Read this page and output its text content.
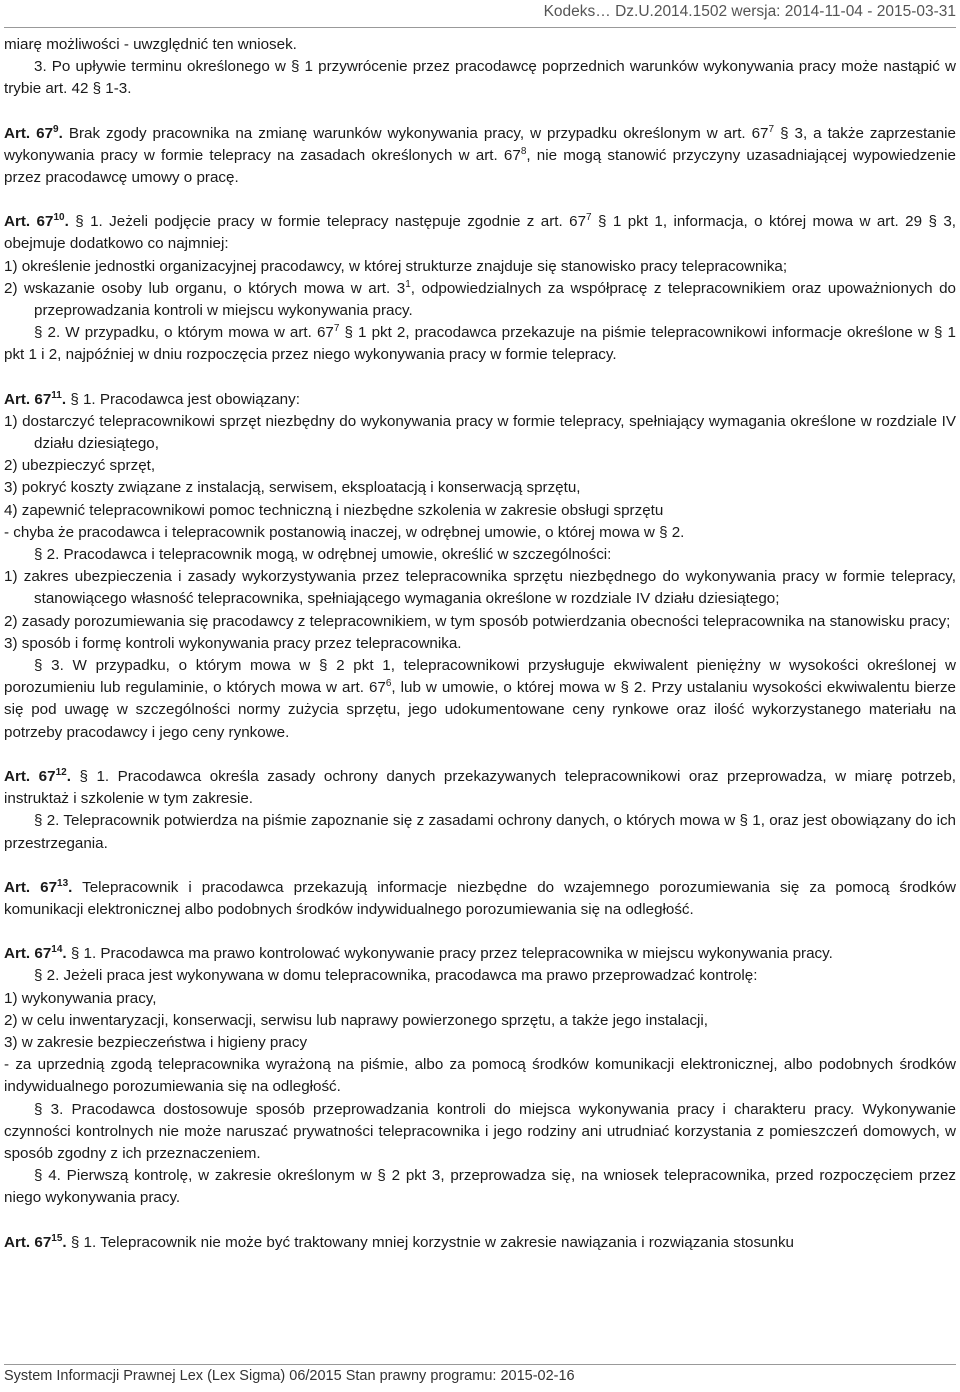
Kodeks… Dz.U.2014.1502 wersja: 2014-11-04 - 2015-03-31

miarę możliwości - uwzględnić ten wniosek.

3. Po upływie terminu określonego w § 1 przywrócenie przez pracodawcę poprzednich warunków wykonywania pracy może nastąpić w trybie art. 42 § 1-3.

Art. $67^9$. Brak zgody pracownika na zmianę warunków wykonywania pracy, w przypadku określonym w art. $67^7$ § 3, a także zaprzestanie wykonywania pracy w formie telepracy na zasadach określonych w art. $67^8$, nie mogą stanowić przyczyny uzasadniającej wypowiedzenie przez pracodawcę umowy o pracę.

Art. $67^{10}$. § 1. Jeżeli podjęcie pracy w formie telepracy następuje zgodnie z art. $67^7$ § 1 pkt 1, informacja, o której mowa w art. 29 § 3, obejmuje dodatkowo co najmniej:

1) określenie jednostki organizacyjnej pracodawcy, w której strukturze znajduje się stanowisko pracy telepracownika;

2) wskazanie osoby lub organu, o których mowa w art. $3^1$, odpowiedzialnych za współpracę z telepracownikiem oraz upoważnionych do przeprowadzania kontroli w miejscu wykonywania pracy.

§ 2. W przypadku, o którym mowa w art. $67^7$ § 1 pkt 2, pracodawca przekazuje na piśmie telepracownikowi informacje określone w § 1 pkt 1 i 2, najpóźniej w dniu rozpoczęcia przez niego wykonywania pracy w formie telepracy.

Art. $67^{11}$. § 1. Pracodawca jest obowiązany:

1) dostarczyć telepracownikowi sprzęt niezbędny do wykonywania pracy w formie telepracy, spełniający wymagania określone w rozdziale IV działu dziesiątego,

2) ubezpieczyć sprzęt,

3) pokryć koszty związane z instalacją, serwisem, eksploatacją i konserwacją sprzętu,

4) zapewnić telepracownikowi pomoc techniczną i niezbędne szkolenia w zakresie obsługi sprzętu

- chyba że pracodawca i telepracownik postanowią inaczej, w odrębnej umowie, o której mowa w § 2.

§ 2. Pracodawca i telepracownik mogą, w odrębnej umowie, określić w szczególności:

1) zakres ubezpieczenia i zasady wykorzystywania przez telepracownika sprzętu niezbędnego do wykonywania pracy w formie telepracy, stanowiącego własność telepracownika, spełniającego wymagania określone w rozdziale IV działu dziesiątego;

2) zasady porozumiewania się pracodawcy z telepracownikiem, w tym sposób potwierdzania obecności telepracownika na stanowisku pracy;

3) sposób i formę kontroli wykonywania pracy przez telepracownika.

§ 3. W przypadku, o którym mowa w § 2 pkt 1, telepracownikowi przysługuje ekwiwalent pieniężny w wysokości określonej w porozumieniu lub regulaminie, o których mowa w art. $67^6$, lub w umowie, o której mowa w § 2. Przy ustalaniu wysokości ekwiwalentu bierze się pod uwagę w szczególności normy zużycia sprzętu, jego udokumentowane ceny rynkowe oraz ilość wykorzystanego materiału na potrzeby pracodawcy i jego ceny rynkowe.

Art. $67^{12}$. § 1. Pracodawca określa zasady ochrony danych przekazywanych telepracownikowi oraz przeprowadza, w miarę potrzeb, instruktaż i szkolenie w tym zakresie.

§ 2. Telepracownik potwierdza na piśmie zapoznanie się z zasadami ochrony danych, o których mowa w § 1, oraz jest obowiązany do ich przestrzegania.

Art. $67^{13}$. Telepracownik i pracodawca przekazują informacje niezbędne do wzajemnego porozumiewania się za pomocą środków komunikacji elektronicznej albo podobnych środków indywidualnego porozumiewania się na odległość.

Art. $67^{14}$. § 1. Pracodawca ma prawo kontrolować wykonywanie pracy przez telepracownika w miejscu wykonywania pracy.

§ 2. Jeżeli praca jest wykonywana w domu telepracownika, pracodawca ma prawo przeprowadzać kontrolę:

1) wykonywania pracy,

2) w celu inwentaryzacji, konserwacji, serwisu lub naprawy powierzonego sprzętu, a także jego instalacji,

3) w zakresie bezpieczeństwa i higieny pracy

- za uprzednią zgodą telepracownika wyrażoną na piśmie, albo za pomocą środków komunikacji elektronicznej, albo podobnych środków indywidualnego porozumiewania się na odległość.

§ 3. Pracodawca dostosowuje sposób przeprowadzania kontroli do miejsca wykonywania pracy i charakteru pracy. Wykonywanie czynności kontrolnych nie może naruszać prywatności telepracownika i jego rodziny ani utrudniać korzystania z pomieszczeń domowych, w sposób zgodny z ich przeznaczeniem.

§ 4. Pierwszą kontrolę, w zakresie określonym w § 2 pkt 3, przeprowadza się, na wniosek telepracownika, przed rozpoczęciem przez niego wykonywania pracy.

Art. $67^{15}$. § 1. Telepracownik nie może być traktowany mniej korzystnie w zakresie nawiązania i rozwiązania stosunku

System Informacji Prawnej Lex (Lex Sigma) 06/2015 Stan prawny programu: 2015-02-16
